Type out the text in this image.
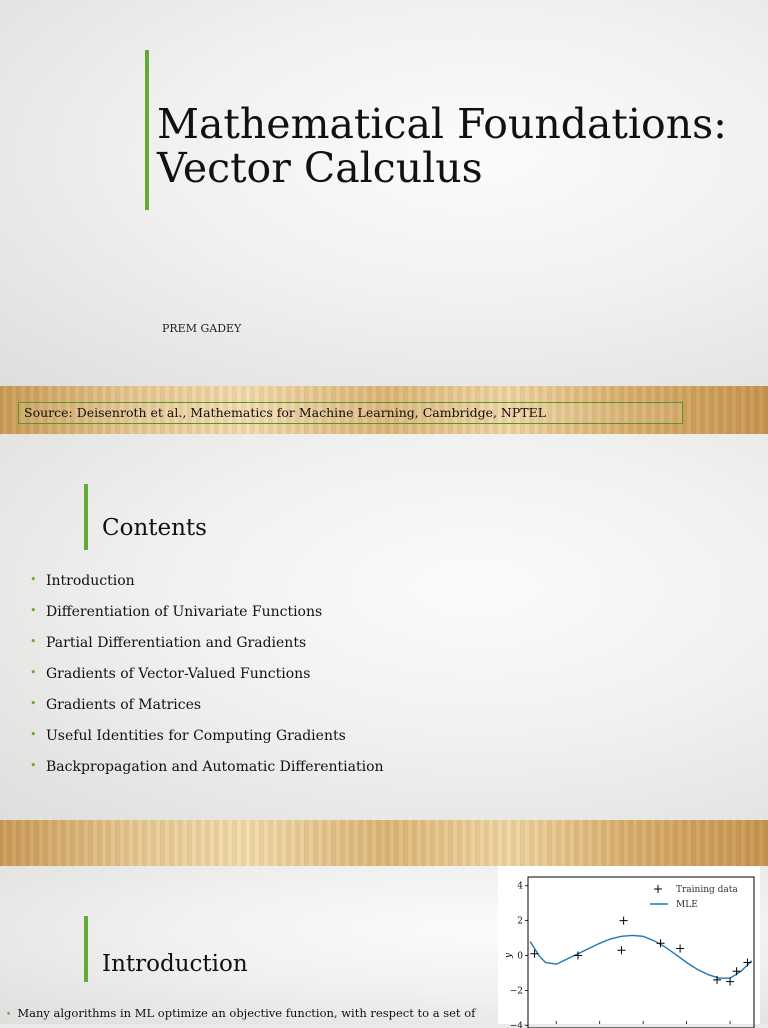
Mathematical Foundations:
Vector Calculus
PREM GADEY
Source: Deisenroth et al., Mathematics for Machine Learning, Cambridge, NPTEL
Contents
• Introduction
• Differentiation of Univariate Functions
• Partial Differentiation and Gradients
• Gradients of Vector-Valued Functions
• Gradients of Matrices
• Useful Identities for Computing Gradients
• Backpropagation and Automatic Differentiation
Introduction
• Many algorithms in ML optimize an objective function, with respect to a set of
4
2
0
−2
−4
y
Training data
MLE
